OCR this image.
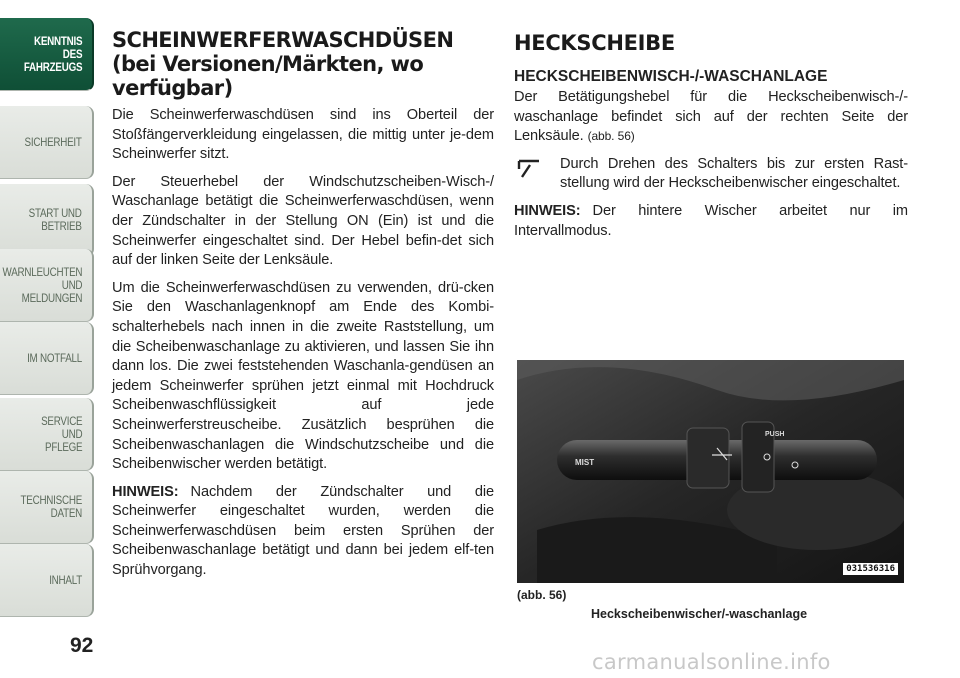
KENNTNIS
DES
FAHRZEUGS
SICHERHEIT
START UND
BETRIEB
WARNLEUCHTEN
UND
MELDUNGEN
IM NOTFALL
SERVICE
UND
PFLEGE
TECHNISCHE
DATEN
INHALT
92
SCHEINWERFERWASCHDÜSEN (bei Versionen/Märkten, wo verfügbar)

Die Scheinwerferwaschdüsen sind ins Oberteil der Stoßfängerverkleidung eingelassen, die mittig unter je-dem Scheinwerfer sitzt.

Der Steuerhebel der Windschutzscheiben-Wisch-/ Waschanlage betätigt die Scheinwerferwaschdüsen, wenn der Zündschalter in der Stellung ON (Ein) ist und die Scheinwerfer eingeschaltet sind. Der Hebel befin-det sich auf der linken Seite der Lenksäule.

Um die Scheinwerferwaschdüsen zu verwenden, drü-cken Sie den Waschanlagenknopf am Ende des Kombi-schalterhebels nach innen in die zweite Raststellung, um die Scheibenwaschanlage zu aktivieren, und lassen Sie ihn dann los. Die zwei feststehenden Waschanla-gendüsen an jedem Scheinwerfer sprühen jetzt einmal mit Hochdruck Scheibenwaschflüssigkeit auf jede Scheinwerferstreuscheibe. Zusätzlich besprühen die Scheibenwaschanlagen die Windschutzscheibe und die Scheibenwischer werden betätigt.

HINWEIS: Nachdem der Zündschalter und die Scheinwerfer eingeschaltet wurden, werden die Scheinwerferwaschdüsen beim ersten Sprühen der Scheibenwaschanlage betätigt und dann bei jedem elf-ten Sprühvorgang.

HECKSCHEIBE
HECKSCHEIBENWISCH-/-WASCHANLAGE

Der Betätigungshebel für die Heckscheibenwisch-/-waschanlage befindet sich auf der rechten Seite der Lenksäule. (abb. 56)

Durch Drehen des Schalters bis zur ersten Rast-stellung wird der Heckscheibenwischer eingeschaltet.

HINWEIS: Der hintere Wischer arbeitet nur im Intervallmodus.

MIST
PUSH
031536316
(abb. 56)
Heckscheibenwischer/-waschanlage
carmanualsonline.info
